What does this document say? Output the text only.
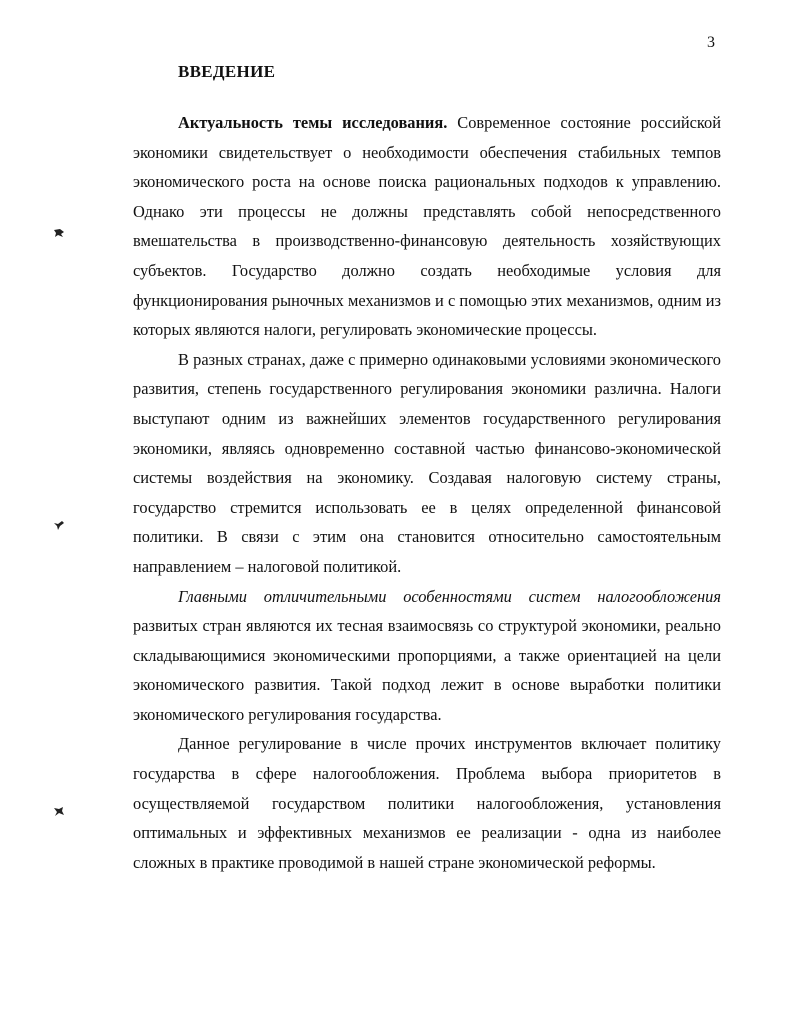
3
ВВЕДЕНИЕ

Актуальность темы исследования. Современное состояние российской экономики свидетельствует о необходимости обеспечения стабильных темпов экономического роста на основе поиска рациональных подходов к управлению. Однако эти процессы не должны представлять собой непосредственного вмешательства в производственно-финансовую деятельность хозяйствующих субъектов. Государство должно создать необходимые условия для функционирования рыночных механизмов и с помощью этих механизмов, одним из которых являются налоги, регулировать экономические процессы.

В разных странах, даже с примерно одинаковыми условиями экономического развития, степень государственного регулирования экономики различна. Налоги выступают одним из важнейших элементов государственного регулирования экономики, являясь одновременно составной частью финансово-экономической системы воздействия на экономику. Создавая налоговую систему страны, государство стремится использовать ее в целях определенной финансовой политики. В связи с этим она становится относительно самостоятельным направлением – налоговой политикой.

Главными отличительными особенностями систем налогообложения развитых стран являются их тесная взаимосвязь со структурой экономики, реально складывающимися экономическими пропорциями, а также ориентацией на цели экономического развития. Такой подход лежит в основе выработки политики экономического регулирования государства.

Данное регулирование в числе прочих инструментов включает политику государства в сфере налогообложения. Проблема выбора приоритетов в осуществляемой государством политики налогообложения, установления оптимальных и эффективных механизмов ее реализации - одна из наиболее сложных в практике проводимой в нашей стране экономической реформы.
